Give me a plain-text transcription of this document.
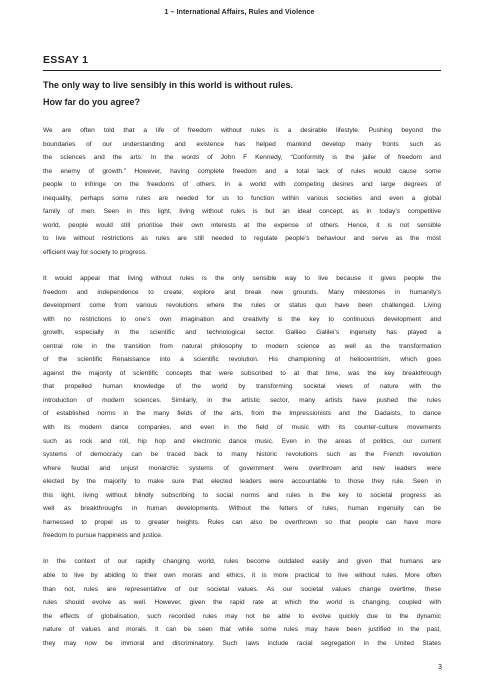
1 – International Affairs, Rules and Violence
ESSAY 1
The only way to live sensibly in this world is without rules.
How far do you agree?
We are often told that a life of freedom without rules is a desirable lifestyle. Pushing beyond the
boundaries of our understanding and existence has helped mankind develop many fronts such as
the sciences and the arts. In the words of John F Kennedy, “Conformity is the jailer of freedom and
the enemy of growth.” However, having complete freedom and a total lack of rules would cause some
people to infringe on the freedoms of others. In a world with competing desires and large degrees of
inequality, perhaps some rules are needed for us to function within various societies and even a global
family of men. Seen in this light, living without rules is but an ideal concept, as in today’s competitive
world, people would still prioritise their own interests at the expense of others. Hence, it is not sensible
to live without restrictions as rules are still needed to regulate people’s behaviour and serve as the most
efficient way for society to progress.
It would appear that living without rules is the only sensible way to live because it gives people the
freedom and independence to create, explore and break new grounds. Many milestones in humanity’s
development come from various revolutions where the rules or status quo have been challenged. Living
with no restrictions to one’s own imagination and creativity is the key to continuous development and
growth, especially in the scientific and technological sector. Galileo Galilei’s ingenuity has played a
central role in the transition from natural philosophy to modern science as well as the transformation
of the scientific Renaissance into a scientific revolution. His championing of heliocentrism, which goes
against the majority of scientific concepts that were subscribed to at that time, was the key breakthrough
that propelled human knowledge of the world by transforming societal views of nature with the
introduction of modern sciences. Similarly, in the artistic sector, many artists have pushed the rules
of established norms in the many fields of the arts, from the Impressionists and the Dadaists, to dance
with its modern dance companies, and even in the field of music with its counter-culture movements
such as rock and roll, hip hop and electronic dance music. Even in the areas of politics, our current
systems of democracy can be traced back to many historic revolutions such as the French revolution
where feudal and unjust monarchic systems of government were overthrown and new leaders were
elected by the majority to make sure that elected leaders were accountable to those they rule. Seen in
this light, living without blindly subscribing to social norms and rules is the key to societal progress as
well as breakthroughs in human developments. Without the fetters of rules, human ingenuity can be
harnessed to propel us to greater heights. Rules can also be overthrown so that people can have more
freedom to pursue happiness and justice.
In the context of our rapidly changing world, rules become outdated easily and given that humans are
able to live by abiding to their own morals and ethics, it is more practical to live without rules. More often
than not, rules are representative of our societal values. As our societal values change overtime, these
rules should evolve as well. However, given the rapid rate at which the world is changing, coupled with
the effects of globalisation, such recorded rules may not be able to evolve quickly due to the dynamic
nature of values and morals. It can be seen that while some rules may have been justified in the past,
they may now be immoral and discriminatory. Such laws include racial segregation in the United States
3
